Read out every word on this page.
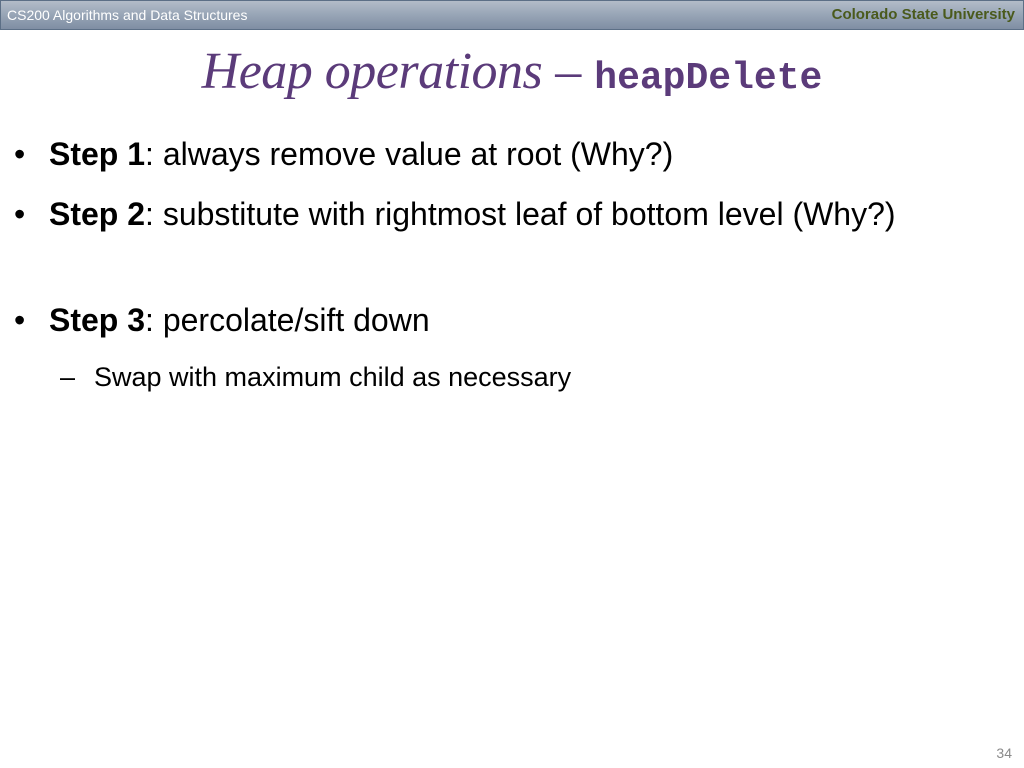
CS200 Algorithms and Data Structures	Colorado State University
Heap operations – heapDelete
• Step 1: always remove value at root (Why?)
• Step 2: substitute with rightmost leaf of bottom level (Why?)
• Step 3: percolate/sift down
– Swap with maximum child as necessary
34
